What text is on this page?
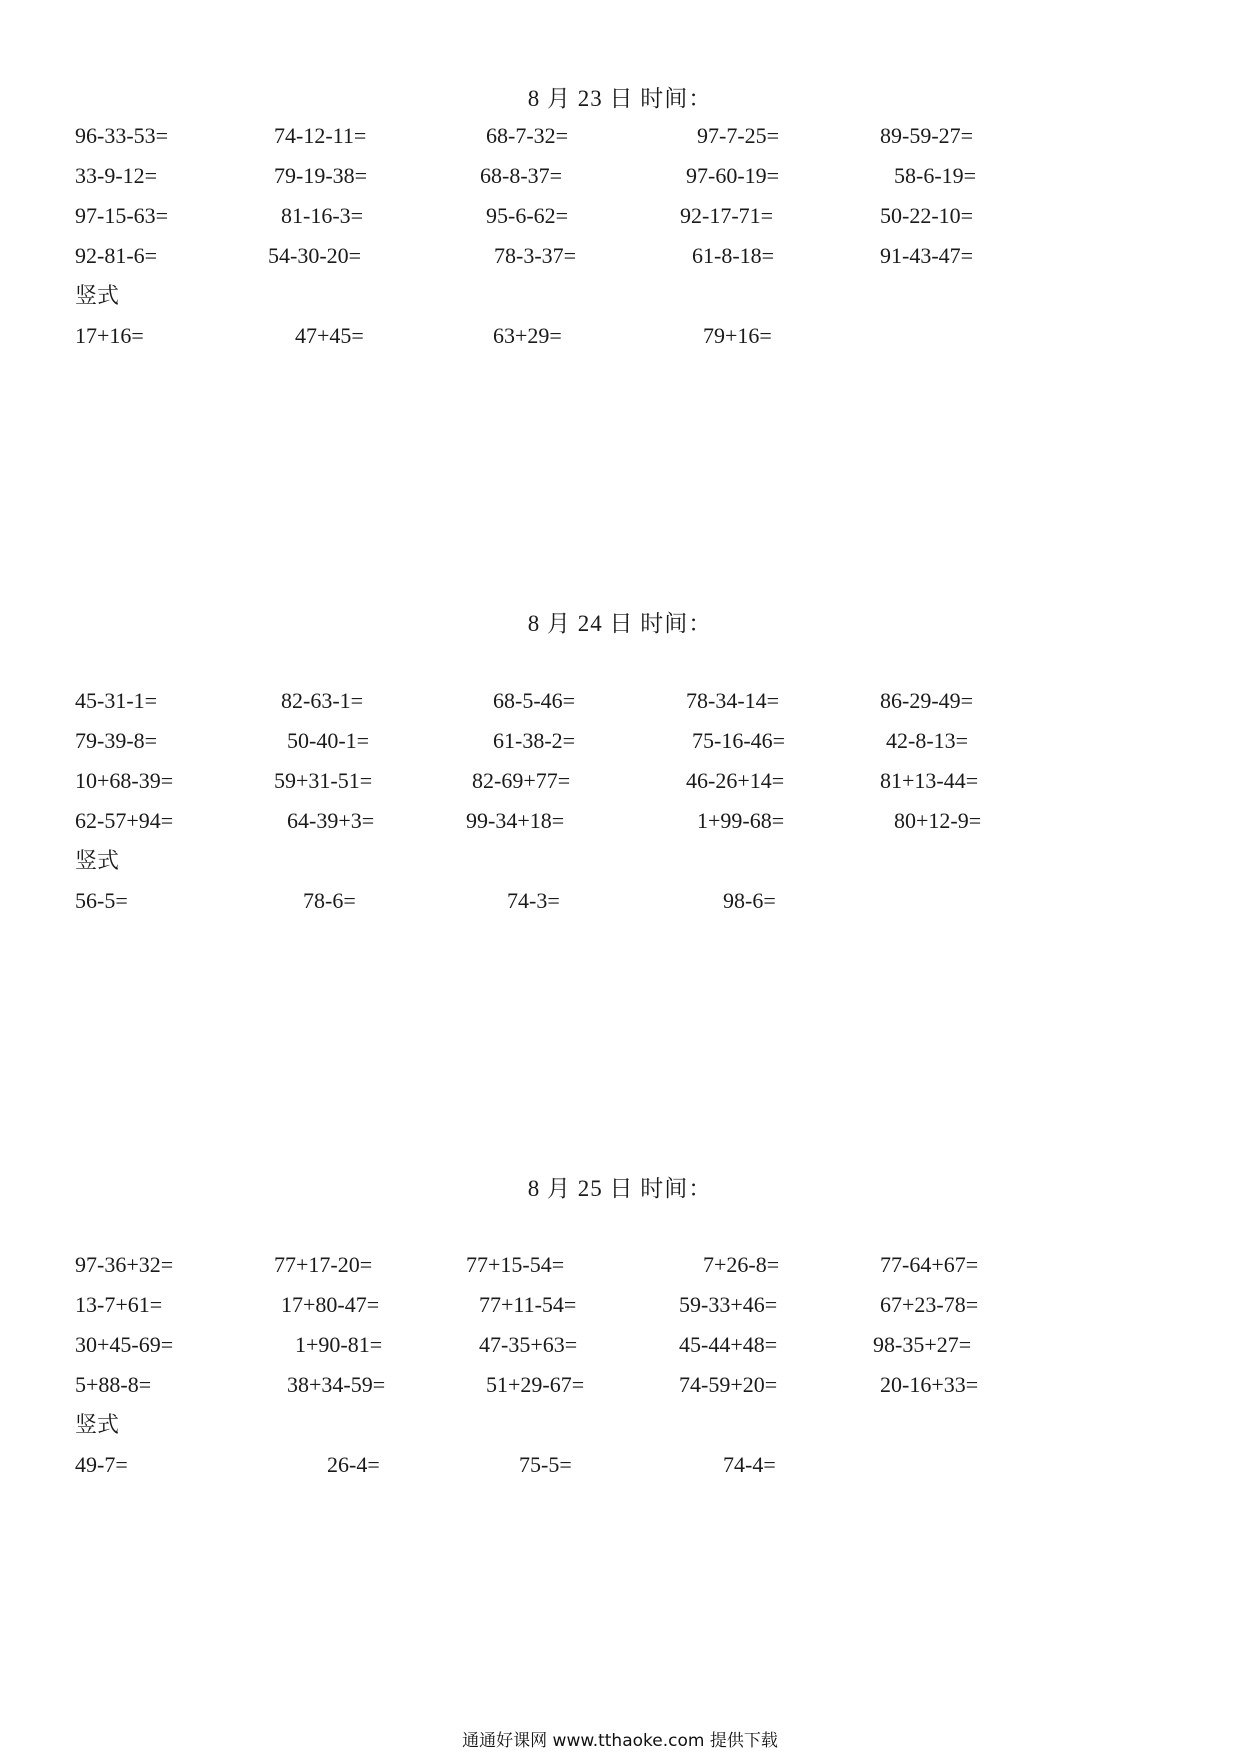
8 月 23 日 时间：
96-33-53=	74-12-11=	68-7-32=	97-7-25=	89-59-27=
33-9-12=	79-19-38=	68-8-37=	97-60-19=	58-6-19=
97-15-63=	81-16-3=	95-6-62=	92-17-71=	50-22-10=
92-81-6=	54-30-20=	78-3-37=	61-8-18=	91-43-47=
竖式
17+16=	47+45=	63+29=	79+16=
8 月 24 日 时间：
45-31-1=	82-63-1=	68-5-46=	78-34-14=	86-29-49=
79-39-8=	50-40-1=	61-38-2=	75-16-46=	42-8-13=
10+68-39=	59+31-51=	82-69+77=	46-26+14=	81+13-44=
62-57+94=	64-39+3=	99-34+18=	1+99-68=	80+12-9=
竖式
56-5=	78-6=	74-3=	98-6=
8 月 25 日 时间：
97-36+32=	77+17-20=	77+15-54=	7+26-8=	77-64+67=
13-7+61=	17+80-47=	77+11-54=	59-33+46=	67+23-78=
30+45-69=	1+90-81=	47-35+63=	45-44+48=	98-35+27=
5+88-8=	38+34-59=	51+29-67=	74-59+20=	20-16+33=
竖式
49-7=	26-4=	75-5=	74-4=
通通好课网 www.tthaoke.com 提供下载
